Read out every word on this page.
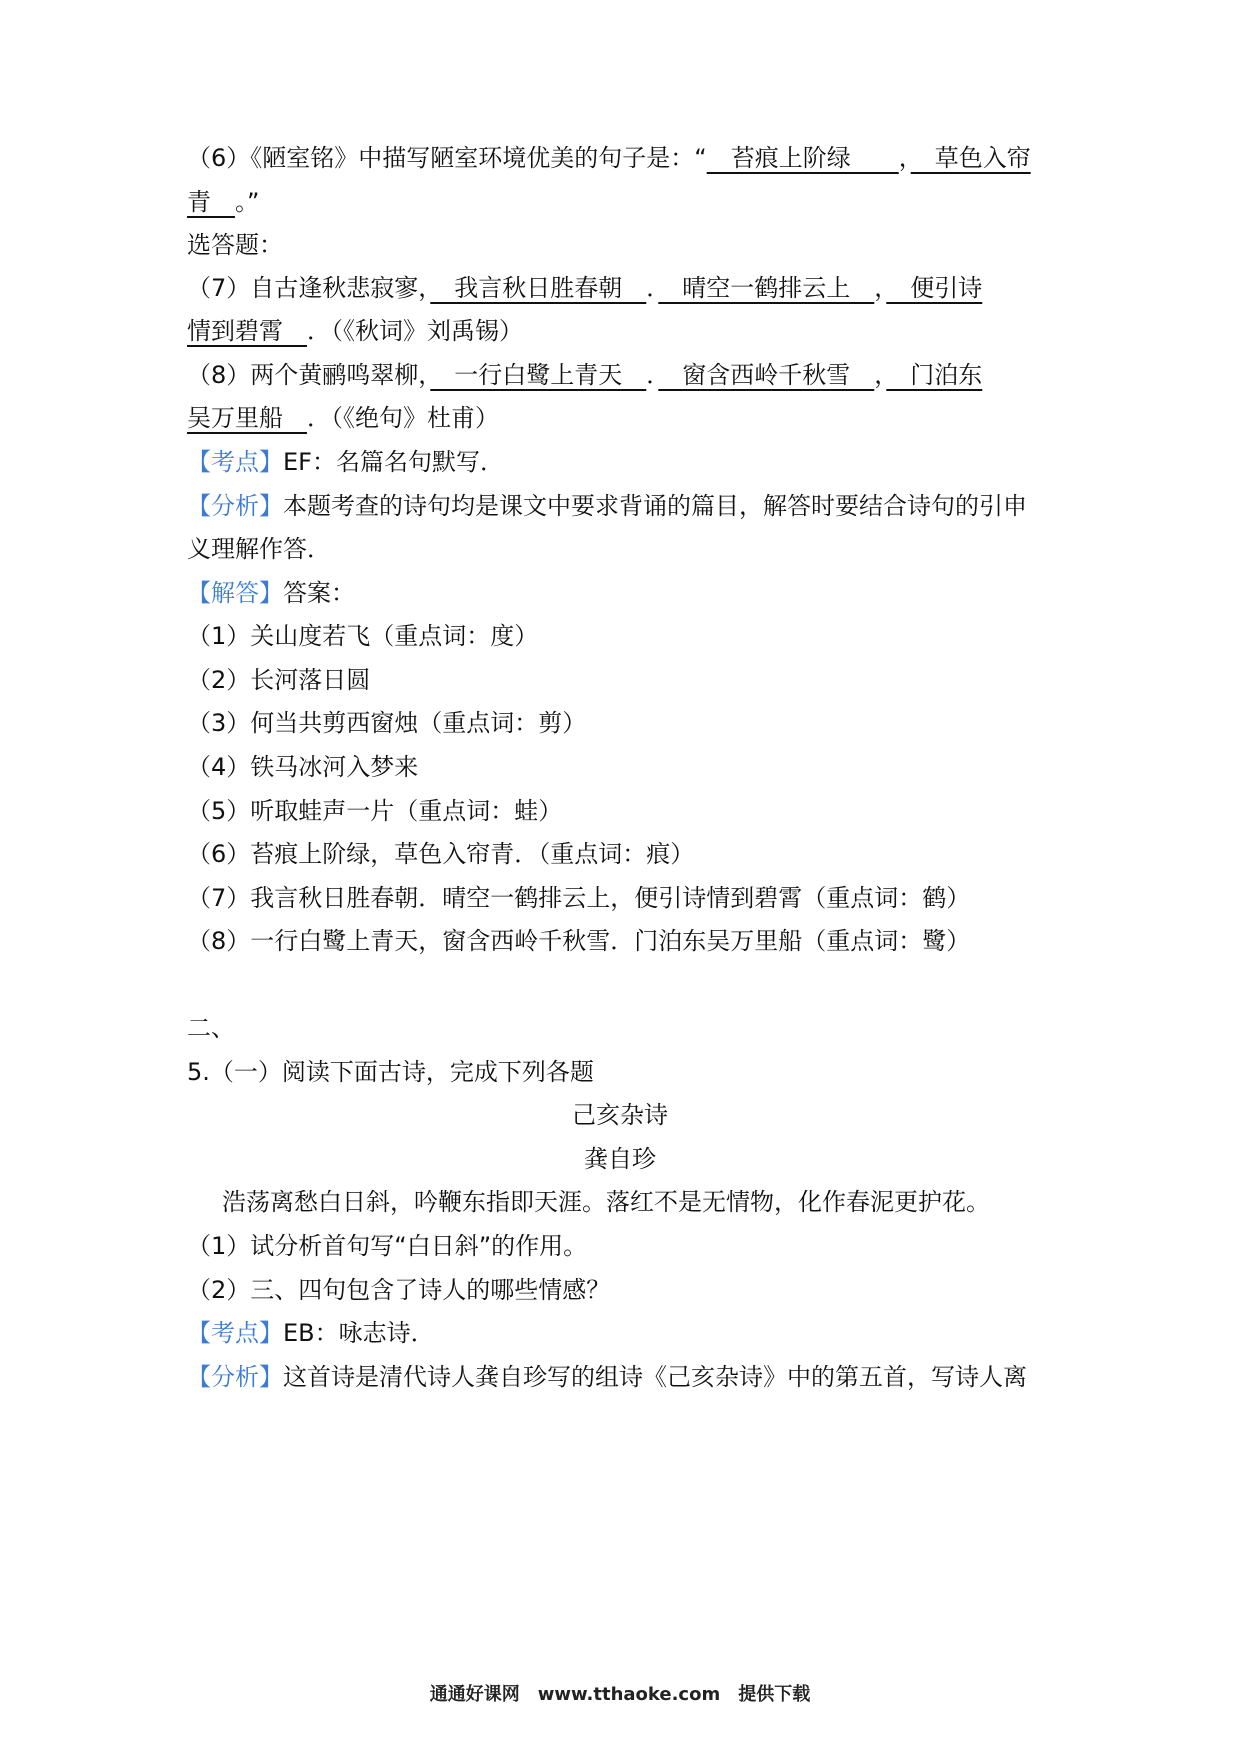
（6）《陋室铭》中描写陋室环境优美的句子是：“　苔痕上阶绿　　，　草色入帘
青　。”
选答题：
（7）自古逢秋悲寂寥，　我言秋日胜春朝　．　晴空一鹤排云上　，　便引诗
情到碧霄　．（《秋词》刘禹锡）
（8）两个黄鹂鸣翠柳，　一行白鹭上青天　．　窗含西岭千秋雪　，　门泊东
吴万里船　．（《绝句》杜甫）
【考点】EF：名篇名句默写．
【分析】本题考查的诗句均是课文中要求背诵的篇目，解答时要结合诗句的引申
义理解作答．
【解答】答案：
（1）关山度若飞（重点词：度）
（2）长河落日圆
（3）何当共剪西窗烛（重点词：剪）
（4）铁马冰河入梦来
（5）听取蛙声一片（重点词：蛙）
（6）苔痕上阶绿，草色入帘青．（重点词：痕）
（7）我言秋日胜春朝．晴空一鹤排云上，便引诗情到碧霄（重点词：鹤）
（8）一行白鹭上青天，窗含西岭千秋雪．门泊东吴万里船（重点词：鹭）
二、
5.（一）阅读下面古诗，完成下列各题
己亥杂诗
龚自珍
浩荡离愁白日斜，吟鞭东指即天涯。落红不是无情物，化作春泥更护花。
（1）试分析首句写“白日斜”的作用。
（2）三、四句包含了诗人的哪些情感？
【考点】EB：咏志诗．
【分析】这首诗是清代诗人龚自珍写的组诗《己亥杂诗》中的第五首，写诗人离
通通好课网　www.tthaoke.com　提供下载
